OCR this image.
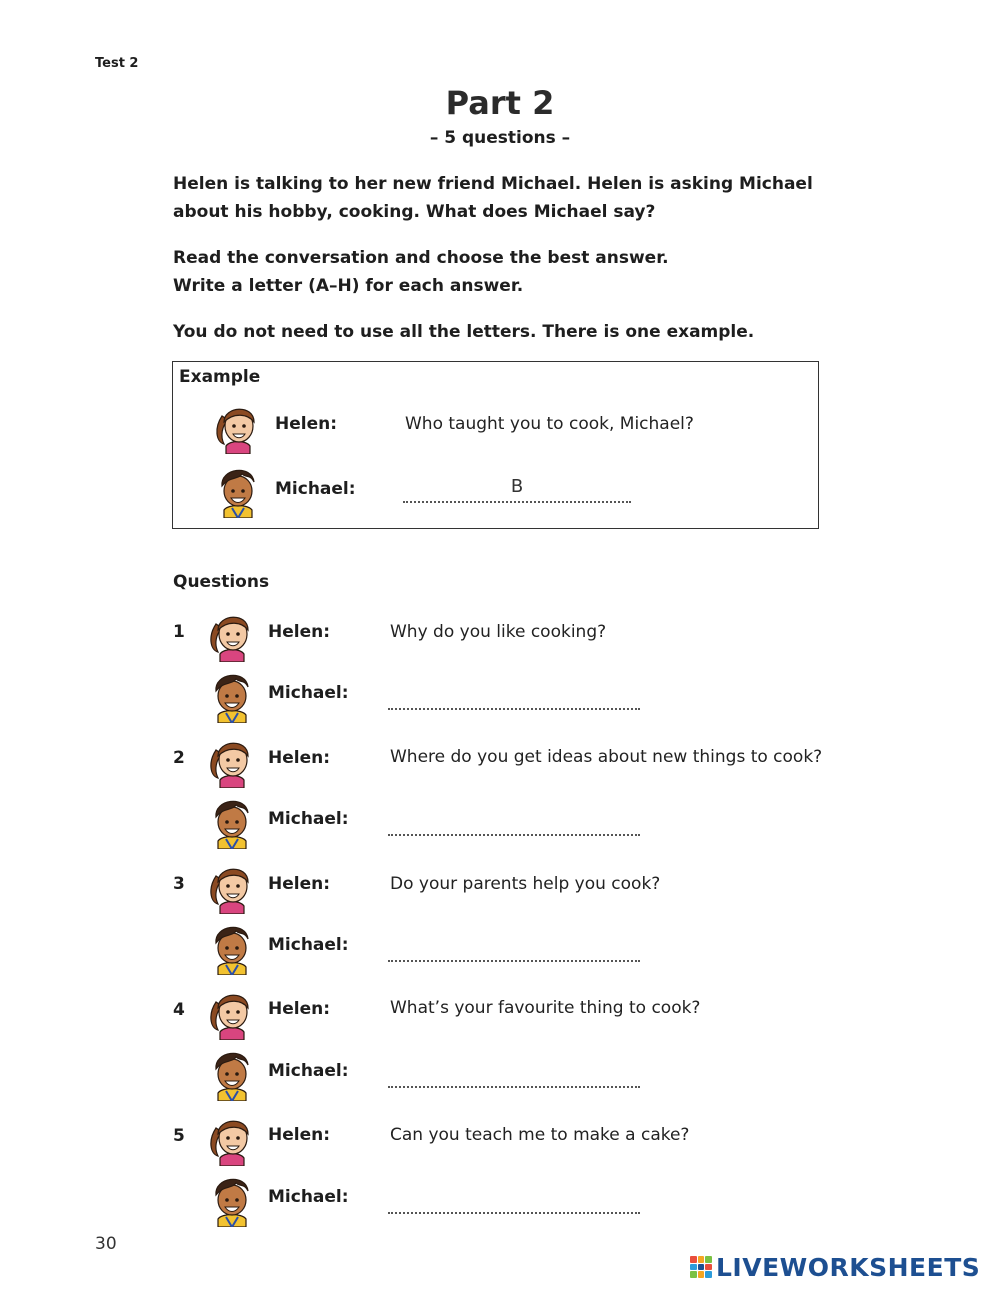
Test 2
Part 2
– 5 questions –
Helen is talking to her new friend Michael. Helen is asking Michael
about his hobby, cooking. What does Michael say?
Read the conversation and choose the best answer.
Write a letter (A–H) for each answer.
You do not need to use all the letters. There is one example.
Example
Helen:	Who taught you to cook, Michael?
Michael:	B
Questions
1	Helen:	Why do you like cooking?
Michael:
2	Helen:	Where do you get ideas about new things to cook?
Michael:
3	Helen:	Do your parents help you cook?
Michael:
4	Helen:	What’s your favourite thing to cook?
Michael:
5	Helen:	Can you teach me to make a cake?
Michael:
30
LIVEWORKSHEETS
